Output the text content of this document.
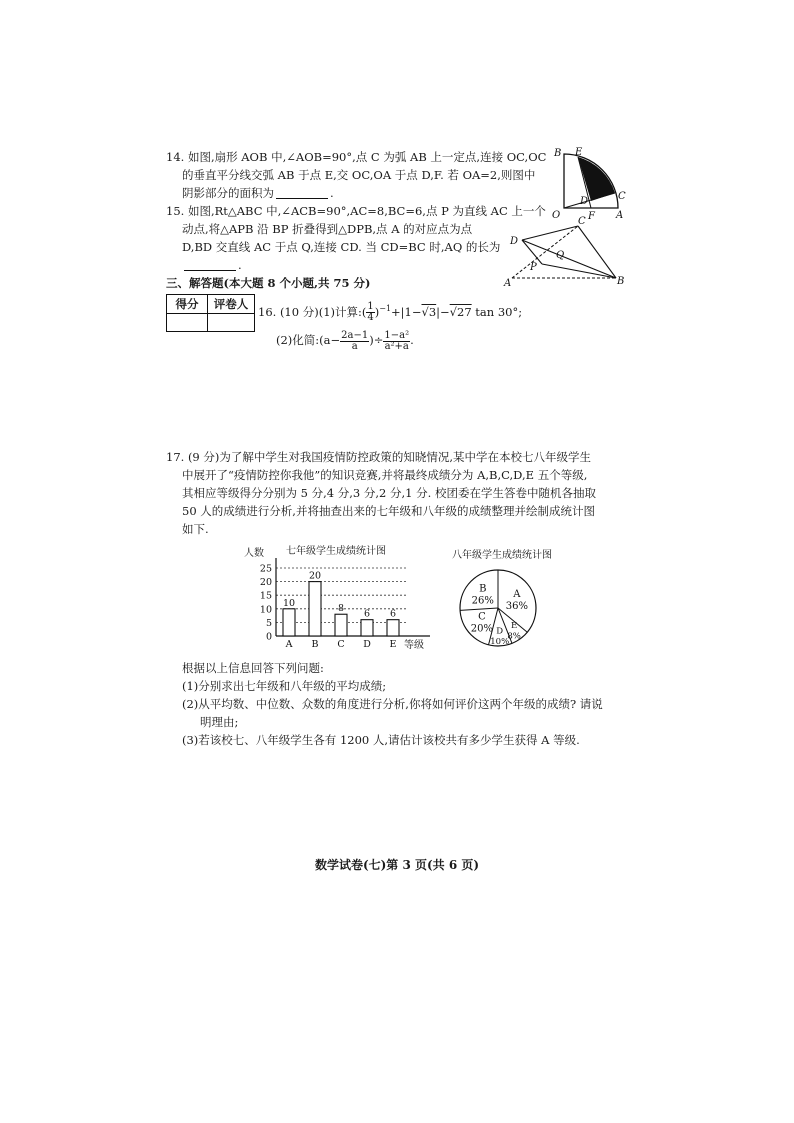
14. 如图,扇形 AOB 中,∠AOB=90°,点 C 为弧 AB 上一定点,连接 OC,OC
的垂直平分线交弧 AB 于点 E,交 OC,OA 于点 D,F. 若 OA=2,则图中
阴影部分的面积为	.
B E
C
D
O	F A
15. 如图,Rt△ABC 中,∠ACB=90°,AC=8,BC=6,点 P 为直线 AC 上一个
动点,将△APB 沿 BP 折叠得到△DPB,点 A 的对应点为点
D,BD 交直线 AC 于点 Q,连接 CD. 当 CD=BC 时,AQ 的长为
.
C
D
Q
P
A	B
三、解答题(本大题 8 个小题,共 75 分)
得分	评卷人

16. (10 分)(1)计算:( $\frac{1}{4} )^{-1}+|1-√3|-√27$ tan 30°;
(2)化简:(a− $\frac{2a-1}{a}$ )÷ $\frac{\text{1−a²}}{\text{a²+a}}$ .
17. (9 分)为了解中学生对我国疫情防控政策的知晓情况,某中学在本校七八年级学生
中展开了“疫情防控你我他”的知识竞赛,并将最终成绩分为 A,B,C,D,E 五个等级,
其相应等级得分分别为 5 分,4 分,3 分,2 分,1 分. 校团委在学生答卷中随机各抽取
50 人的成绩进行分析,并将抽查出来的七年级和八年级的成绩整理并绘制成统计图
如下.
七年级学生成绩统计图
人数
等级
0
5
10
15
20
25
10
A
20
B
8
C
6
D
6
E
八年级学生成绩统计图
A
36%
E
8%
D
10%
C
20%
B
26%
根据以上信息回答下列问题:
(1)分别求出七年级和八年级的平均成绩;
(2)从平均数、中位数、众数的角度进行分析,你将如何评价这两个年级的成绩? 请说
明理由;
(3)若该校七、八年级学生各有 1200 人,请估计该校共有多少学生获得 A 等级.
数学试卷(七)第 3 页(共 6 页)
